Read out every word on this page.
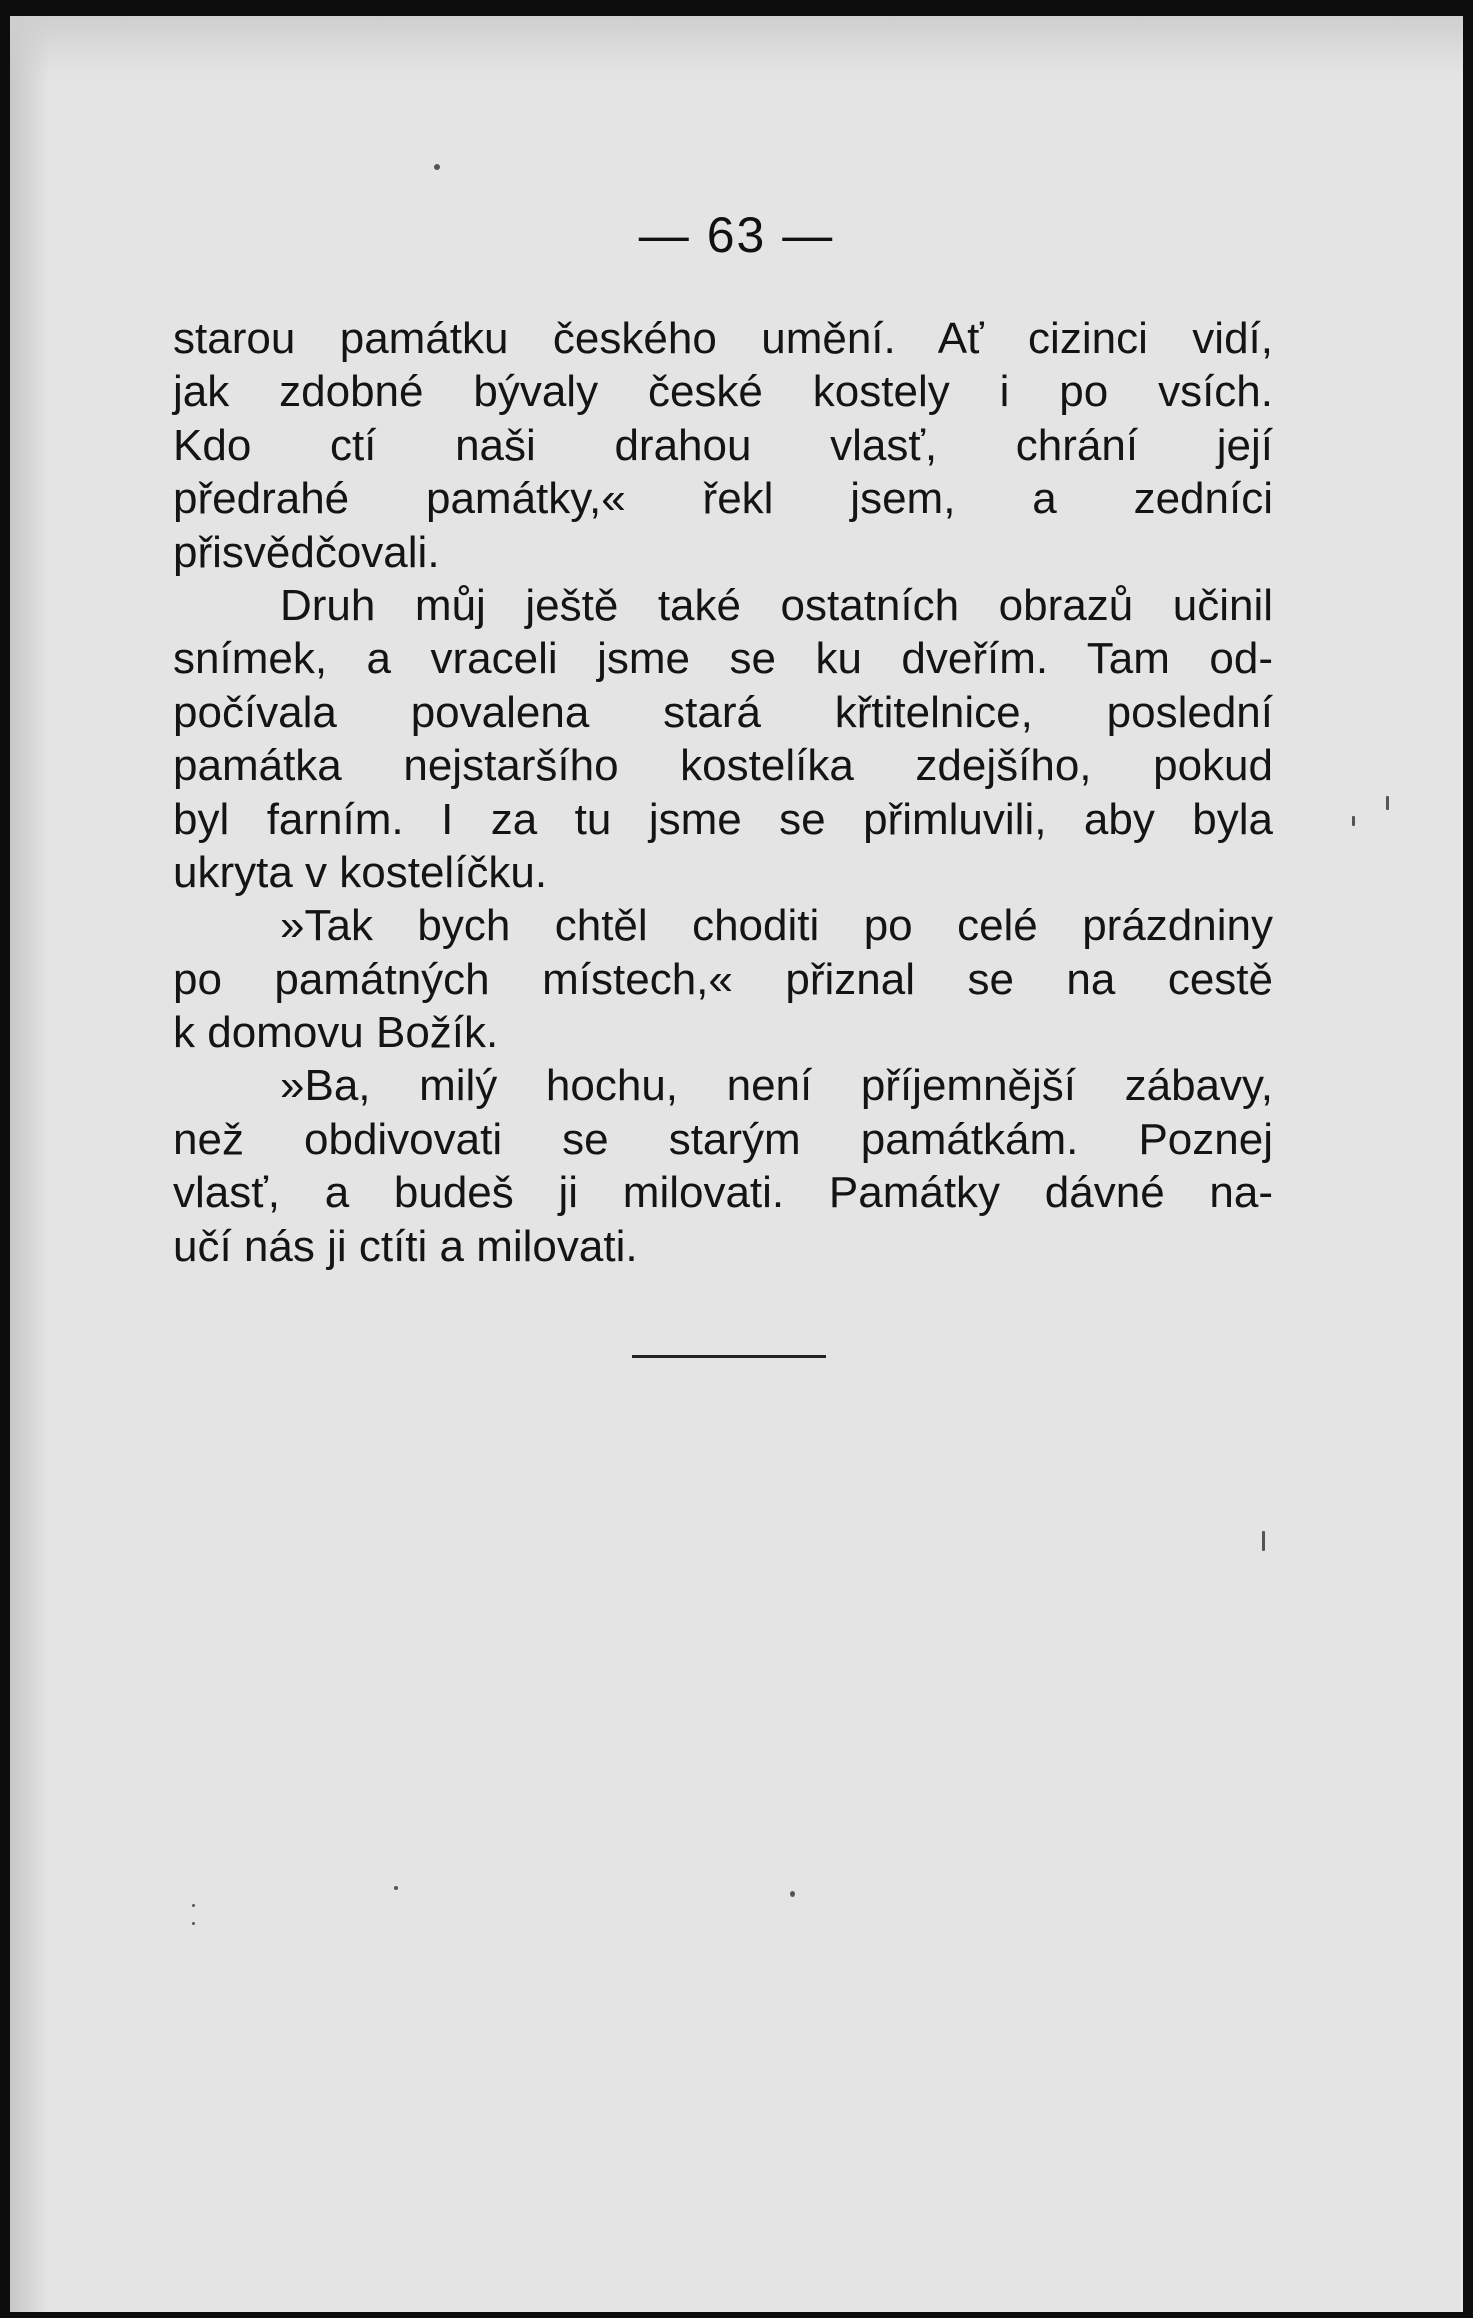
— 63 —
starou památku českého umění. Ať cizinci vidí,
jak zdobné bývaly české kostely i po vsích.
Kdo ctí naši drahou vlasť, chrání její
předrahé památky,« řekl jsem, a zedníci
přisvědčovali.
Druh můj ještě také ostatních obrazů učinil
snímek, a vraceli jsme se ku dveřím. Tam od-
počívala povalena stará křtitelnice, poslední
památka nejstaršího kostelíka zdejšího, pokud
byl farním. I za tu jsme se přimluvili, aby byla
ukryta v kostelíčku.
»Tak bych chtěl choditi po celé prázdniny
po památných místech,« přiznal se na cestě
k domovu Božík.
»Ba, milý hochu, není příjemnější zábavy,
než obdivovati se starým památkám. Poznej
vlasť, a budeš ji milovati. Památky dávné na-
učí nás ji ctíti a milovati.
